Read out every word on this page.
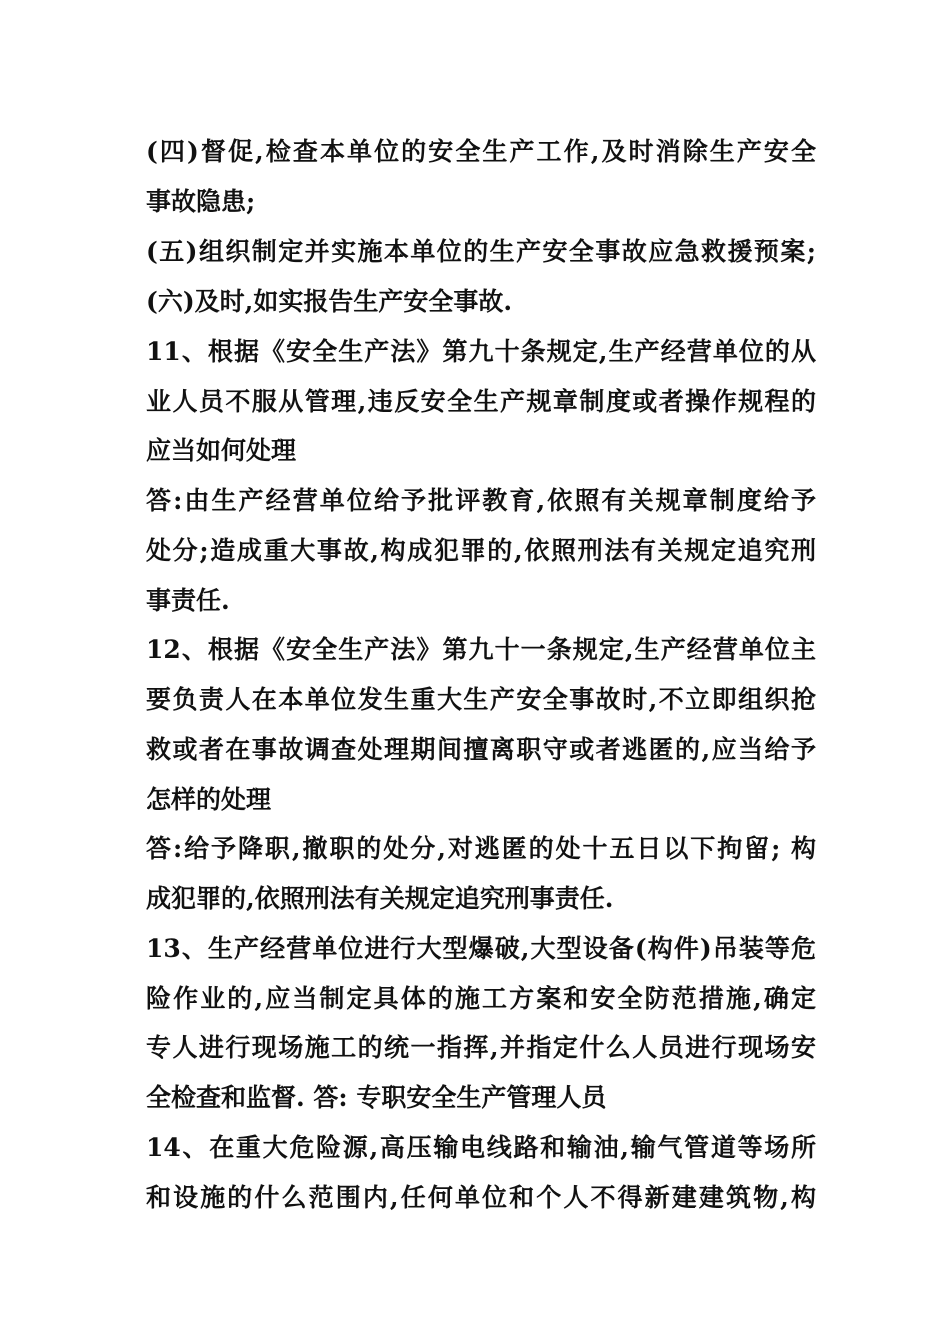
(四)督促,检查本单位的安全生产工作,及时消除生产安全
事故隐患;
(五)组织制定并实施本单位的生产安全事故应急救援预案;
(六)及时,如实报告生产安全事故.
11、根据《安全生产法》第九十条规定,生产经营单位的从
业人员不服从管理,违反安全生产规章制度或者操作规程的
应当如何处理
答:由生产经营单位给予批评教育,依照有关规章制度给予
处分;造成重大事故,构成犯罪的,依照刑法有关规定追究刑
事责任.
12、根据《安全生产法》第九十一条规定,生产经营单位主
要负责人在本单位发生重大生产安全事故时,不立即组织抢
救或者在事故调查处理期间擅离职守或者逃匿的,应当给予
怎样的处理
答:给予降职,撤职的处分,对逃匿的处十五日以下拘留; 构
成犯罪的,依照刑法有关规定追究刑事责任.
13、生产经营单位进行大型爆破,大型设备(构件)吊装等危
险作业的,应当制定具体的施工方案和安全防范措施,确定
专人进行现场施工的统一指挥,并指定什么人员进行现场安
全检查和监督. 答: 专职安全生产管理人员
14、在重大危险源,高压输电线路和输油,输气管道等场所
和设施的什么范围内,任何单位和个人不得新建建筑物,构
